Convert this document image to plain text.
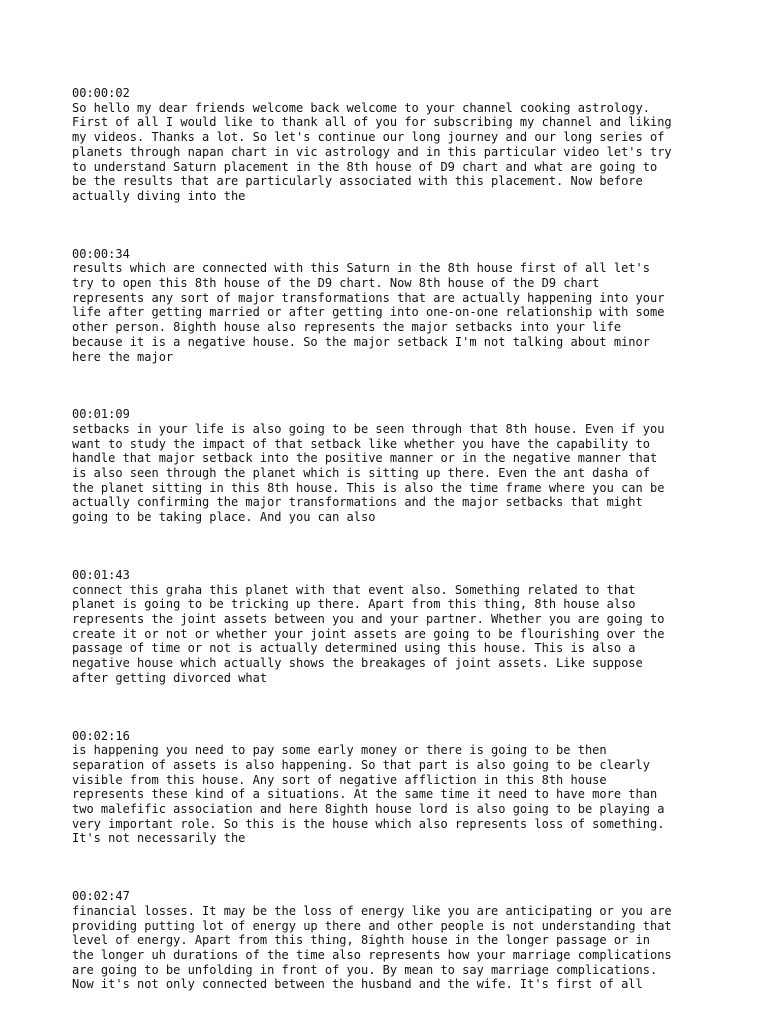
00:00:02
So hello my dear friends welcome back welcome to your channel cooking astrology.
First of all I would like to thank all of you for subscribing my channel and liking
my videos. Thanks a lot. So let's continue our long journey and our long series of
planets through napan chart in vic astrology and in this particular video let's try
to understand Saturn placement in the 8th house of D9 chart and what are going to
be the results that are particularly associated with this placement. Now before
actually diving into the
00:00:34
results which are connected with this Saturn in the 8th house first of all let's
try to open this 8th house of the D9 chart. Now 8th house of the D9 chart
represents any sort of major transformations that are actually happening into your
life after getting married or after getting into one-on-one relationship with some
other person. 8ighth house also represents the major setbacks into your life
because it is a negative house. So the major setback I'm not talking about minor
here the major
00:01:09
setbacks in your life is also going to be seen through that 8th house. Even if you
want to study the impact of that setback like whether you have the capability to
handle that major setback into the positive manner or in the negative manner that
is also seen through the planet which is sitting up there. Even the ant dasha of
the planet sitting in this 8th house. This is also the time frame where you can be
actually confirming the major transformations and the major setbacks that might
going to be taking place. And you can also
00:01:43
connect this graha this planet with that event also. Something related to that
planet is going to be tricking up there. Apart from this thing, 8th house also
represents the joint assets between you and your partner. Whether you are going to
create it or not or whether your joint assets are going to be flourishing over the
passage of time or not is actually determined using this house. This is also a
negative house which actually shows the breakages of joint assets. Like suppose
after getting divorced what
00:02:16
is happening you need to pay some early money or there is going to be then
separation of assets is also happening. So that part is also going to be clearly
visible from this house. Any sort of negative affliction in this 8th house
represents these kind of a situations. At the same time it need to have more than
two malefific association and here 8ighth house lord is also going to be playing a
very important role. So this is the house which also represents loss of something.
It's not necessarily the
00:02:47
financial losses. It may be the loss of energy like you are anticipating or you are
providing putting lot of energy up there and other people is not understanding that
level of energy. Apart from this thing, 8ighth house in the longer passage or in
the longer uh durations of the time also represents how your marriage complications
are going to be unfolding in front of you. By mean to say marriage complications.
Now it's not only connected between the husband and the wife. It's first of all
